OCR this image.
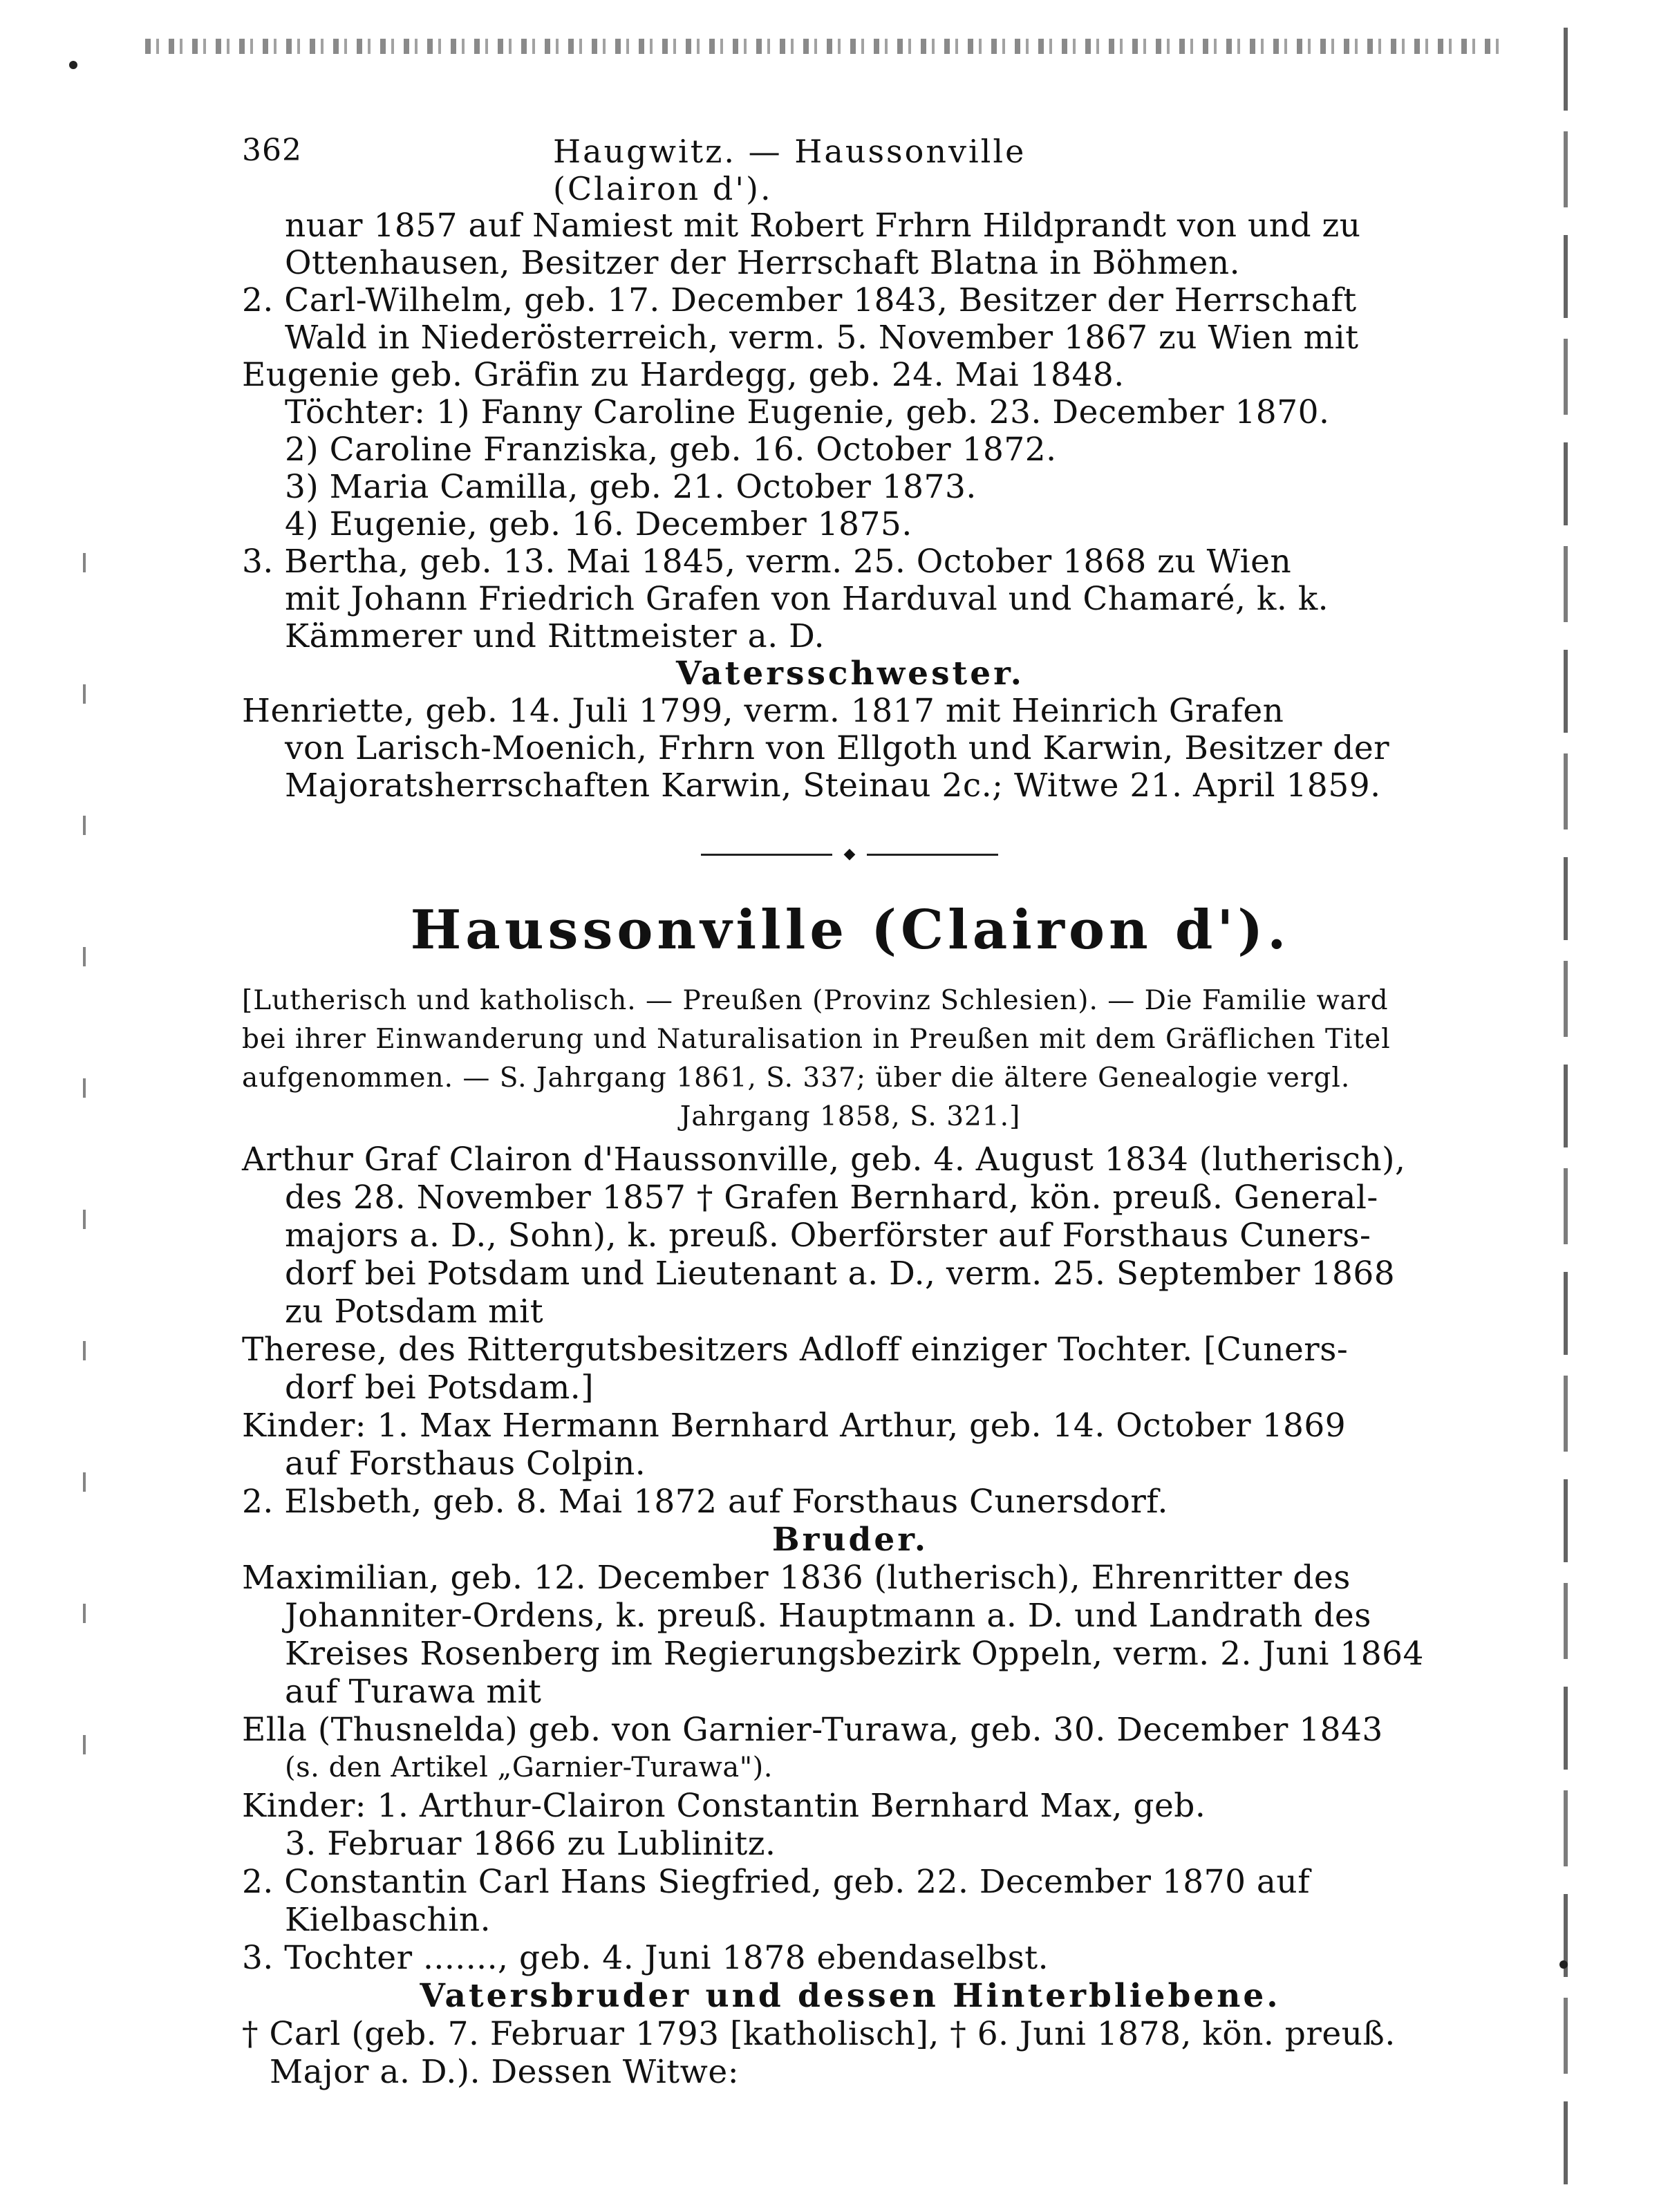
362	Haugwitz. — Haussonville (Clairon d').
nuar 1857 auf Namiest mit Robert Frhrn Hildprandt von und zu
Ottenhausen, Besitzer der Herrschaft Blatna in Böhmen.
2. Carl-Wilhelm, geb. 17. December 1843, Besitzer der Herrschaft
Wald in Niederösterreich, verm. 5. November 1867 zu Wien mit
Eugenie geb. Gräfin zu Hardegg, geb. 24. Mai 1848.
Töchter: 1) Fanny Caroline Eugenie, geb. 23. December 1870.
2) Caroline Franziska, geb. 16. October 1872.
3) Maria Camilla, geb. 21. October 1873.
4) Eugenie, geb. 16. December 1875.
3. Bertha, geb. 13. Mai 1845, verm. 25. October 1868 zu Wien
mit Johann Friedrich Grafen von Harduval und Chamaré, k. k.
Kämmerer und Rittmeister a. D.
Vatersschwester.
Henriette, geb. 14. Juli 1799, verm. 1817 mit Heinrich Grafen
von Larisch-Moenich, Frhrn von Ellgoth und Karwin, Besitzer der
Majoratsherrschaften Karwin, Steinau 2c.; Witwe 21. April 1859.
◆
Haussonville (Clairon d').
[Lutherisch und katholisch. — Preußen (Provinz Schlesien). — Die Familie ward
bei ihrer Einwanderung und Naturalisation in Preußen mit dem Gräflichen Titel
aufgenommen. — S. Jahrgang 1861, S. 337; über die ältere Genealogie vergl.
Jahrgang 1858, S. 321.]
Arthur Graf Clairon d'Haussonville, geb. 4. August 1834 (lutherisch),
des 28. November 1857 † Grafen Bernhard, kön. preuß. General-
majors a. D., Sohn), k. preuß. Oberförster auf Forsthaus Cuners-
dorf bei Potsdam und Lieutenant a. D., verm. 25. September 1868
zu Potsdam mit
Therese, des Rittergutsbesitzers Adloff einziger Tochter. [Cuners-
dorf bei Potsdam.]
Kinder: 1. Max Hermann Bernhard Arthur, geb. 14. October 1869
auf Forsthaus Colpin.
2. Elsbeth, geb. 8. Mai 1872 auf Forsthaus Cunersdorf.
Bruder.
Maximilian, geb. 12. December 1836 (lutherisch), Ehrenritter des
Johanniter-Ordens, k. preuß. Hauptmann a. D. und Landrath des
Kreises Rosenberg im Regierungsbezirk Oppeln, verm. 2. Juni 1864
auf Turawa mit
Ella (Thusnelda) geb. von Garnier-Turawa, geb. 30. December 1843
(s. den Artikel „Garnier-Turawa").
Kinder: 1. Arthur-Clairon Constantin Bernhard Max, geb.
3. Februar 1866 zu Lublinitz.
2. Constantin Carl Hans Siegfried, geb. 22. December 1870 auf
Kielbaschin.
3. Tochter ......., geb. 4. Juni 1878 ebendaselbst.
Vatersbruder und dessen Hinterbliebene.
† Carl (geb. 7. Februar 1793 [katholisch], † 6. Juni 1878, kön. preuß.
Major a. D.). Dessen Witwe:
